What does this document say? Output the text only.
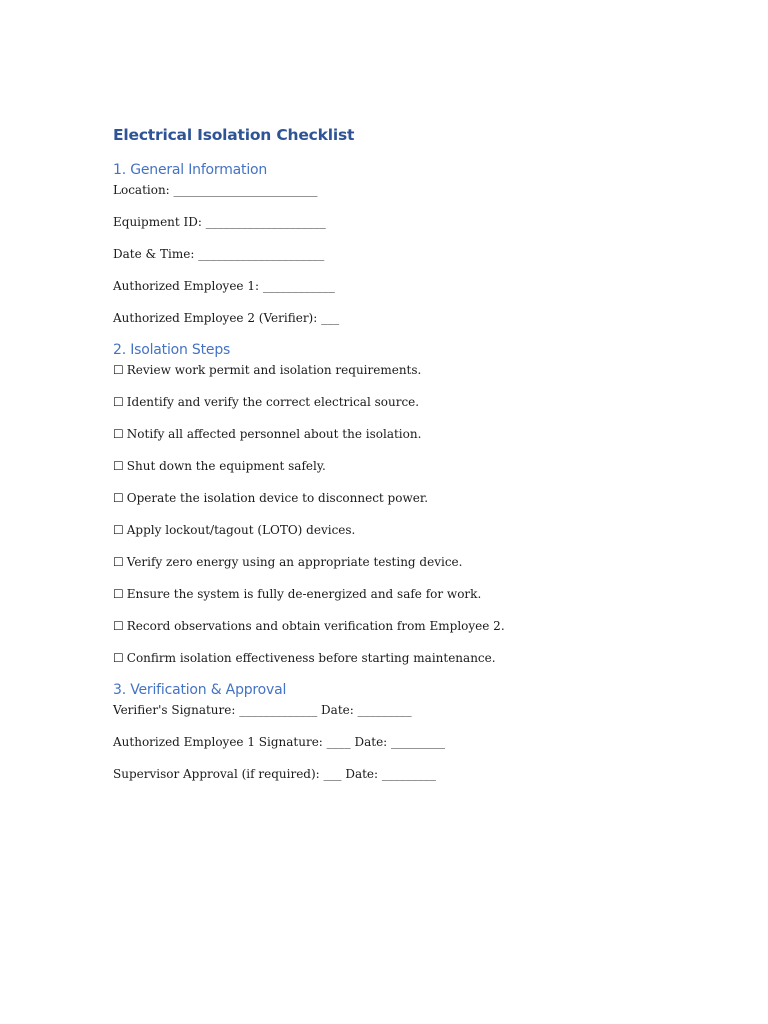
Electrical Isolation Checklist
1. General Information

Location: ________________________

Equipment ID: ____________________

Date & Time: _____________________

Authorized Employee 1: ____________

Authorized Employee 2 (Verifier): ___

2. Isolation Steps

☐ Review work permit and isolation requirements.

☐ Identify and verify the correct electrical source.

☐ Notify all affected personnel about the isolation.

☐ Shut down the equipment safely.

☐ Operate the isolation device to disconnect power.

☐ Apply lockout/tagout (LOTO) devices.

☐ Verify zero energy using an appropriate testing device.

☐ Ensure the system is fully de-energized and safe for work.

☐ Record observations and obtain verification from Employee 2.

☐ Confirm isolation effectiveness before starting maintenance.

3. Verification & Approval

Verifier's Signature: _____________ Date: _________

Authorized Employee 1 Signature: ____ Date: _________

Supervisor Approval (if required): ___ Date: _________
